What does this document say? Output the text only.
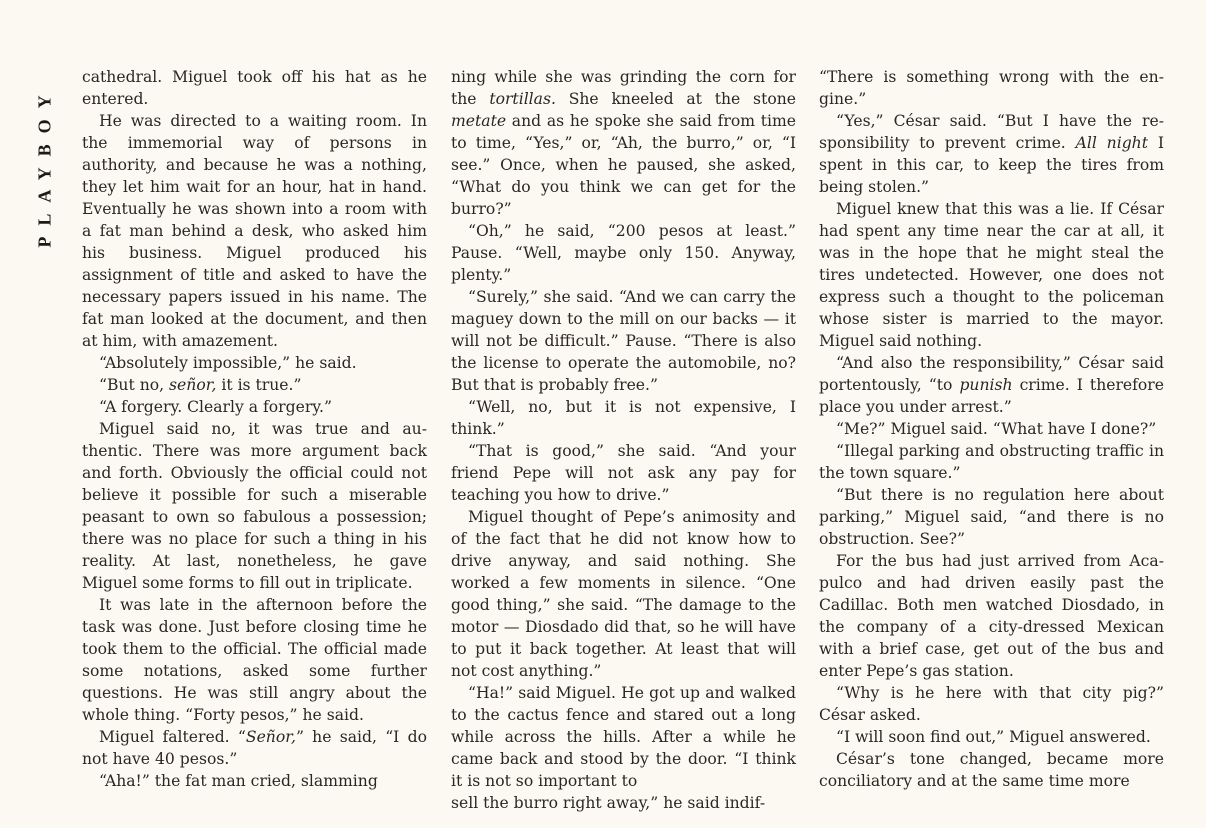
PLAYBOY

cathedral. Miguel took off his hat as he entered.

He was directed to a waiting room. In the immemorial way of persons in authority, and because he was a nothing, they let him wait for an hour, hat in hand. Eventually he was shown into a room with a fat man behind a desk, who asked him his business. Miguel produced his assignment of title and asked to have the necessary papers issued in his name. The fat man looked at the document, and then at him, with amazement.

“Absolutely impossible,” he said.

“But no, señor, it is true.”

“A forgery. Clearly a forgery.”

Miguel said no, it was true and authentic. There was more argument back and forth. Obviously the official could not believe it possible for such a miserable peasant to own so fabulous a possession; there was no place for such a thing in his reality. At last, nonetheless, he gave Miguel some forms to fill out in triplicate.

It was late in the afternoon before the task was done. Just before closing time he took them to the official. The official made some notations, asked some further questions. He was still angry about the whole thing. “Forty pesos,” he said.

Miguel faltered. “Señor,” he said, “I do not have 40 pesos.”

“Aha!” the fat man cried, slamming

ning while she was grinding the corn for the tortillas. She kneeled at the stone metate and as he spoke she said from time to time, “Yes,” or, “Ah, the burro,” or, “I see.” Once, when he paused, she asked, “What do you think we can get for the burro?”

“Oh,” he said, “200 pesos at least.” Pause. “Well, maybe only 150. Anyway, plenty.”

“Surely,” she said. “And we can carry the maguey down to the mill on our backs — it will not be difficult.” Pause. “There is also the license to operate the automobile, no? But that is probably free.”

“Well, no, but it is not expensive, I think.”

“That is good,” she said. “And your friend Pepe will not ask any pay for teaching you how to drive.”

Miguel thought of Pepe’s animosity and of the fact that he did not know how to drive anyway, and said nothing. She worked a few moments in silence. “One good thing,” she said. “The damage to the motor — Diosdado did that, so he will have to put it back together. At least that will not cost anything.”

“Ha!” said Miguel. He got up and walked to the cactus fence and stared out a long while across the hills. After a while he came back and stood by the door. “I think it is not so important to

sell the burro right away,” he said indif-

“There is something wrong with the engine.”

“Yes,” César said. “But I have the responsibility to prevent crime. All night I spent in this car, to keep the tires from being stolen.”

Miguel knew that this was a lie. If César had spent any time near the car at all, it was in the hope that he might steal the tires undetected. However, one does not express such a thought to the policeman whose sister is married to the mayor. Miguel said nothing.

“And also the responsibility,” César said portentously, “to punish crime. I therefore place you under arrest.”

“Me?” Miguel said. “What have I done?”

“Illegal parking and obstructing traffic in the town square.”

“But there is no regulation here about parking,” Miguel said, “and there is no obstruction. See?”

For the bus had just arrived from Acapulco and had driven easily past the Cadillac. Both men watched Diosdado, in the company of a city-dressed Mexican with a brief case, get out of the bus and enter Pepe’s gas station.

“Why is he here with that city pig?” César asked.

“I will soon find out,” Miguel answered.

César’s tone changed, became more conciliatory and at the same time more
